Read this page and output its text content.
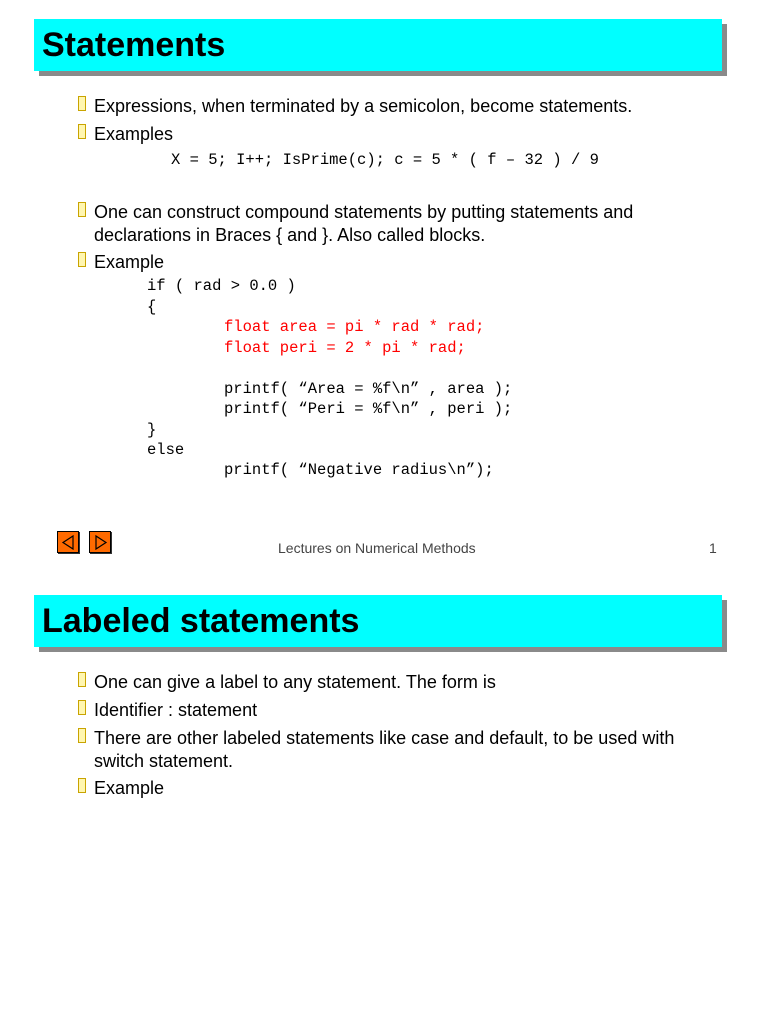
Statements
Expressions, when terminated by a semicolon, become statements.
Examples
X = 5; I++; IsPrime(c); c = 5 * ( f – 32 ) / 9
One can construct compound statements by putting statements and declarations in Braces { and }. Also called blocks.
Example
if ( rad > 0.0 )
{
float area = pi * rad * rad;
float peri = 2 * pi * rad;
printf( “Area = %f\n” , area );
printf( “Peri = %f\n” , peri );
}
else
printf( “Negative radius\n”);
Lectures on Numerical Methods	1
Labeled statements
One can give a label to any statement. The form is
Identifier : statement
There are other labeled statements like case and default, to be used with switch statement.
Example
